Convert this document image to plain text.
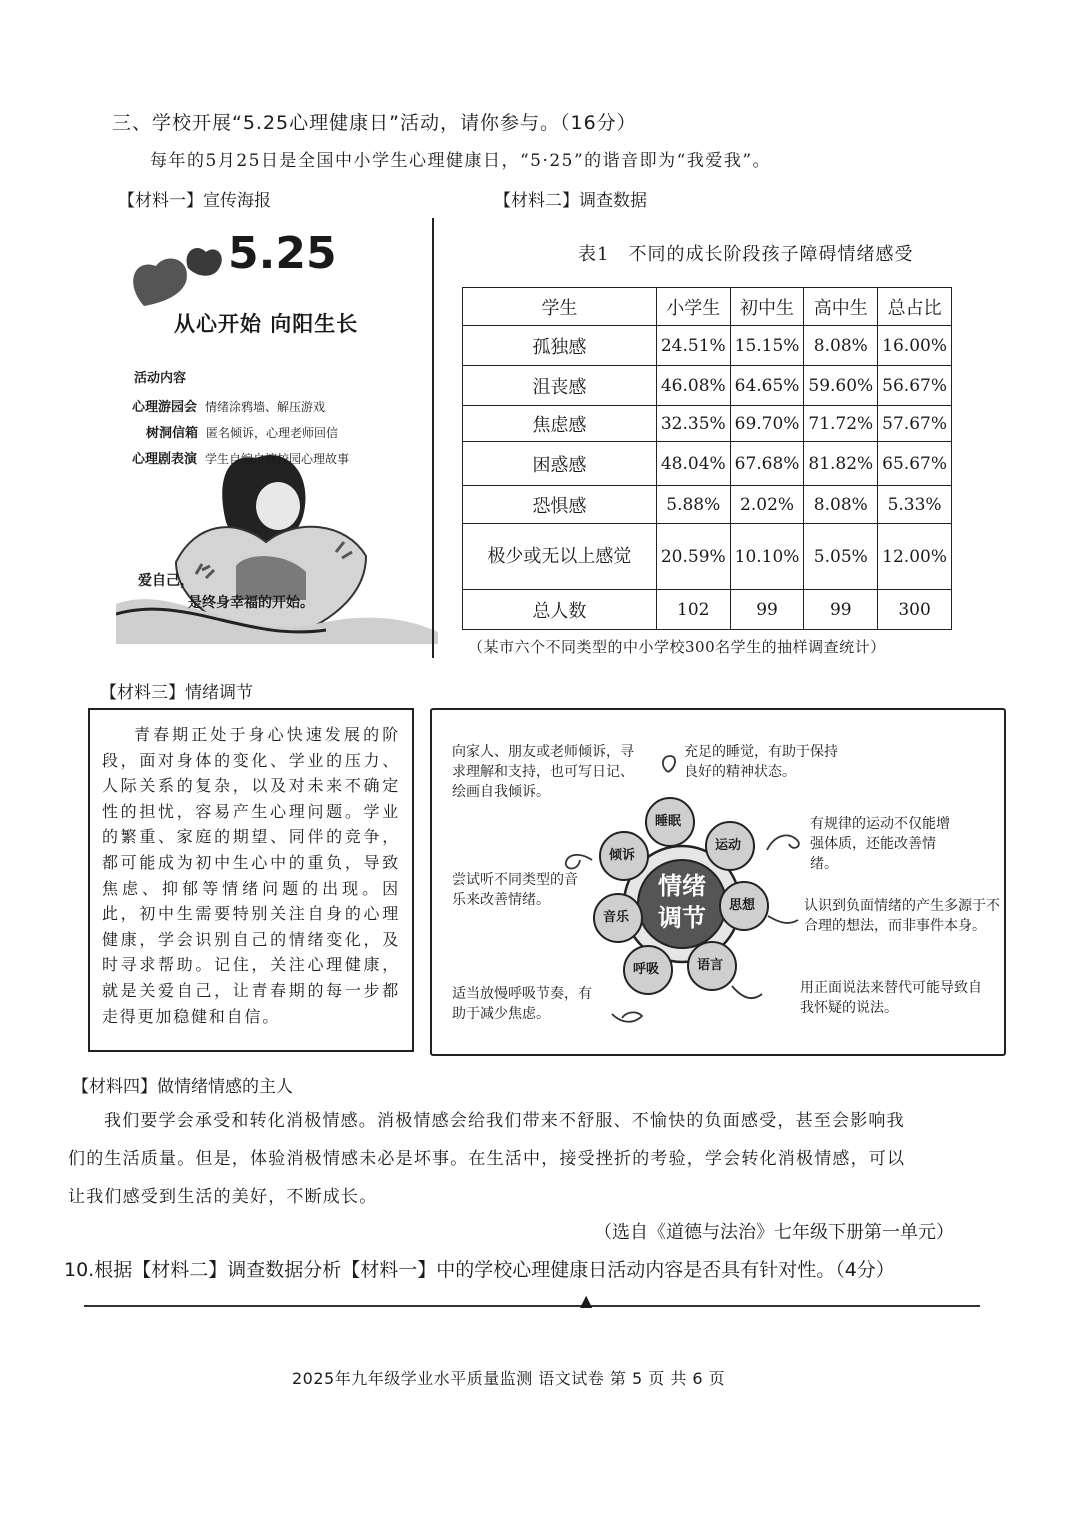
三、学校开展“5.25心理健康日”活动，请你参与。（16分）
每年的5月25日是全国中小学生心理健康日，“5·25”的谐音即为“我爱我”。
【材料一】宣传海报
5.25
从心开始 向阳生长
活动内容
心理游园会 情绪涂鸦墙、解压游戏
树洞信箱 匿名倾诉，心理老师回信
心理剧表演 学生自编自演校园心理故事
爱自己，
是终身幸福的开始。
【材料二】调查数据
表1　不同的成长阶段孩子障碍情绪感受
学生	小学生	初中生	高中生	总占比
孤独感	24.51%	15.15%	8.08%	16.00%
沮丧感	46.08%	64.65%	59.60%	56.67%
焦虑感	32.35%	69.70%	71.72%	57.67%
困惑感	48.04%	67.68%	81.82%	65.67%
恐惧感	5.88%	2.02%	8.08%	5.33%
极少或无以上感觉	20.59%	10.10%	5.05%	12.00%
总人数	102	99	99	300
（某市六个不同类型的中小学校300名学生的抽样调查统计）
【材料三】情绪调节

青春期正处于身心快速发展的阶段，面对身体的变化、学业的压力、人际关系的复杂，以及对未来不确定性的担忧，容易产生心理问题。学业的繁重、家庭的期望、同伴的竞争，都可能成为初中生心中的重负，导致焦虑、抑郁等情绪问题的出现。因此，初中生需要特别关注自身的心理健康，学会识别自己的情绪变化，及时寻求帮助。记住，关注心理健康，就是关爱自己，让青春期的每一步都走得更加稳健和自信。

情绪
调节
睡眠
运动
思想
语言
呼吸
音乐
倾诉
向家人、朋友或老师倾诉，寻求理解和支持，也可写日记、绘画自我倾诉。
充足的睡觉，有助于保持良好的精神状态。
有规律的运动不仅能增强体质，还能改善情绪。
尝试听不同类型的音乐来改善情绪。	认识到负面情绪的产生多源于不合理的想法，而非事件本身。
适当放慢呼吸节奏，有助于减少焦虑。
用正面说法来替代可能导致自我怀疑的说法。
【材料四】做情绪情感的主人
我们要学会承受和转化消极情感。消极情感会给我们带来不舒服、不愉快的负面感受，甚至会影响我
们的生活质量。但是，体验消极情感未必是坏事。在生活中，接受挫折的考验，学会转化消极情感，可以
让我们感受到生活的美好，不断成长。
（选自《道德与法治》七年级下册第一单元）
10.根据【材料二】调查数据分析【材料一】中的学校心理健康日活动内容是否具有针对性。（4分）
▲
2025年九年级学业水平质量监测 语文试卷 第 5 页 共 6 页
